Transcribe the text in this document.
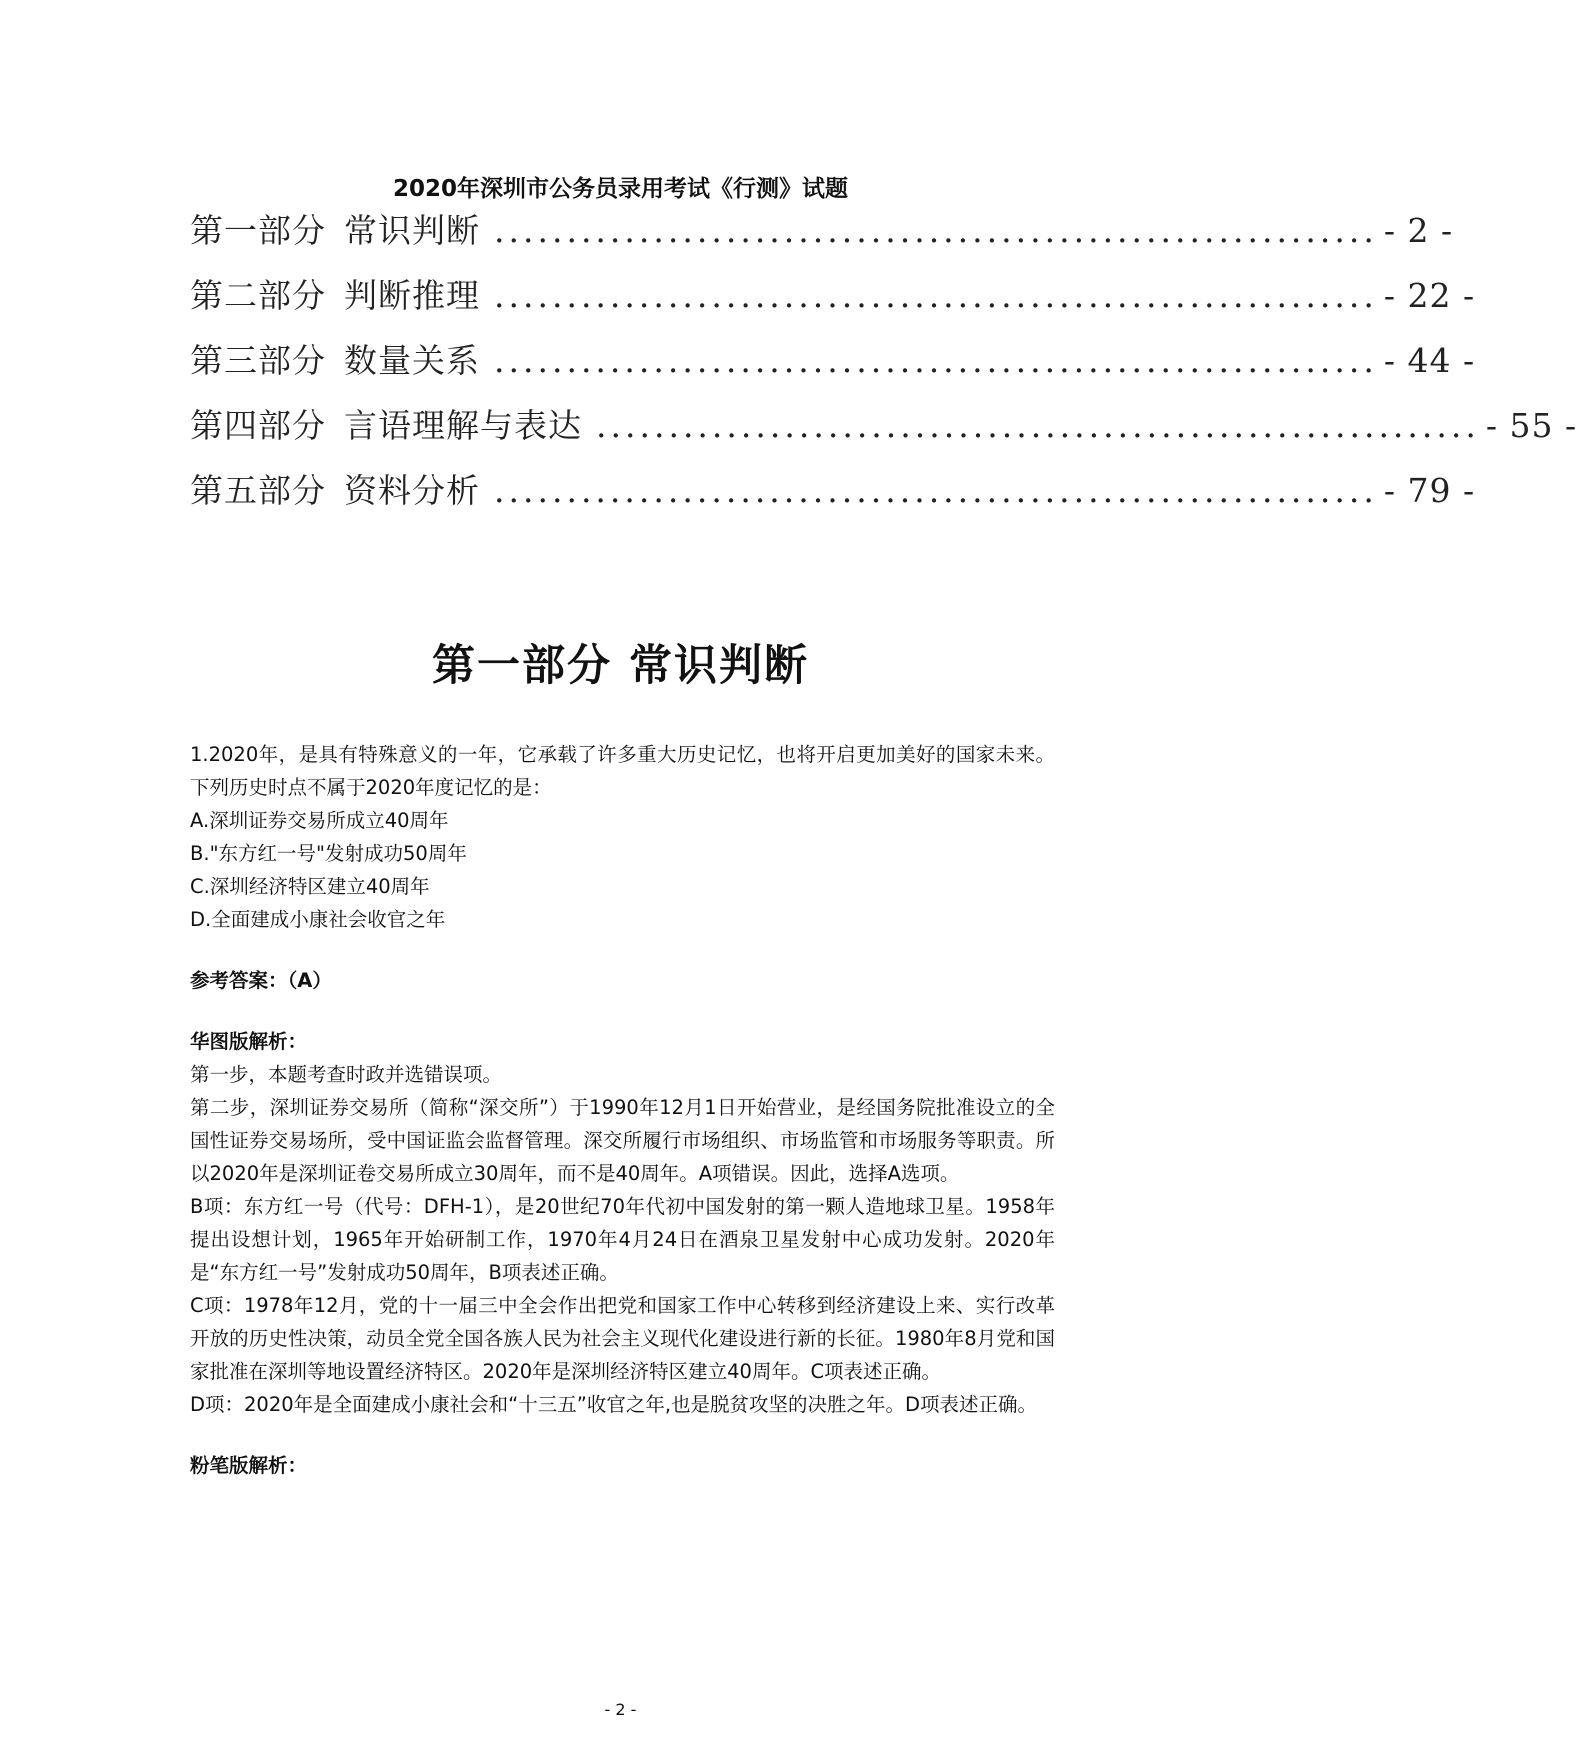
2020年深圳市公务员录用考试《行测》试题
第一部分 常识判断 ............................................................. - 2 -
第二部分 判断推理 ............................................................. - 22 -
第三部分 数量关系 ............................................................. - 44 -
第四部分 言语理解与表达 ............................................................. - 55 -
第五部分 资料分析 ............................................................. - 79 -
第一部分 常识判断

1.2020年，是具有特殊意义的一年，它承载了许多重大历史记忆，也将开启更加美好的国家未来。下列历史时点不属于2020年度记忆的是：

A.深圳证券交易所成立40周年

B."东方红一号"发射成功50周年

C.深圳经济特区建立40周年

D.全面建成小康社会收官之年

参考答案：（A）

华图版解析：

第一步，本题考查时政并选错误项。

第二步，深圳证券交易所（简称“深交所”）于1990年12月1日开始营业，是经国务院批准设立的全国性证券交易场所，受中国证监会监督管理。深交所履行市场组织、市场监管和市场服务等职责。所以2020年是深圳证卷交易所成立30周年，而不是40周年。A项错误。因此，选择A选项。

B项：东方红一号（代号：DFH-1），是20世纪70年代初中国发射的第一颗人造地球卫星。1958年提出设想计划，1965年开始研制工作，1970年4月24日在酒泉卫星发射中心成功发射。2020年是“东方红一号”发射成功50周年，B项表述正确。

C项：1978年12月，党的十一届三中全会作出把党和国家工作中心转移到经济建设上来、实行改革开放的历史性决策，动员全党全国各族人民为社会主义现代化建设进行新的长征。1980年8月党和国家批准在深圳等地设置经济特区。2020年是深圳经济特区建立40周年。C项表述正确。

D项：2020年是全面建成小康社会和“十三五”收官之年,也是脱贫攻坚的决胜之年。D项表述正确。

粉笔版解析：

- 2 -
